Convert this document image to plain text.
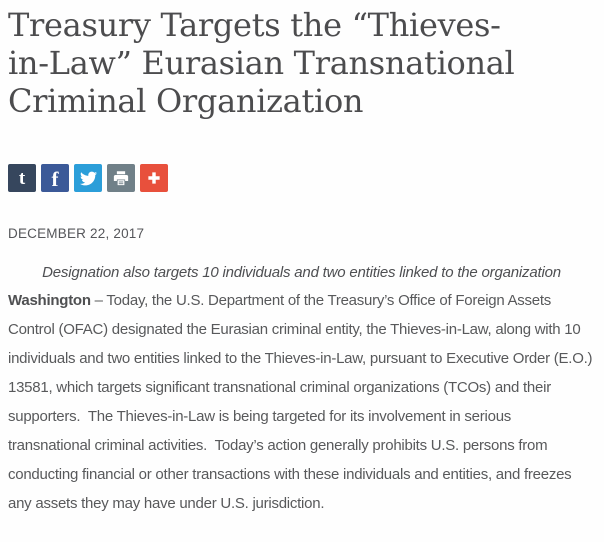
Treasury Targets the “Thieves-
in-Law” Eurasian Transnational
Criminal Organization
t f
DECEMBER 22, 2017
Designation also targets 10 individuals and two entities linked to the organization

Washington – Today, the U.S. Department of the Treasury’s Office of Foreign Assets Control (OFAC) designated the Eurasian criminal entity, the Thieves-in-Law, along with 10 individuals and two entities linked to the Thieves-in-Law, pursuant to Executive Order (E.O.) 13581, which targets significant transnational criminal organizations (TCOs) and their supporters.  The Thieves-in-Law is being targeted for its involvement in serious transnational criminal activities.  Today’s action generally prohibits U.S. persons from conducting financial or other transactions with these individuals and entities, and freezes any assets they may have under U.S. jurisdiction.
